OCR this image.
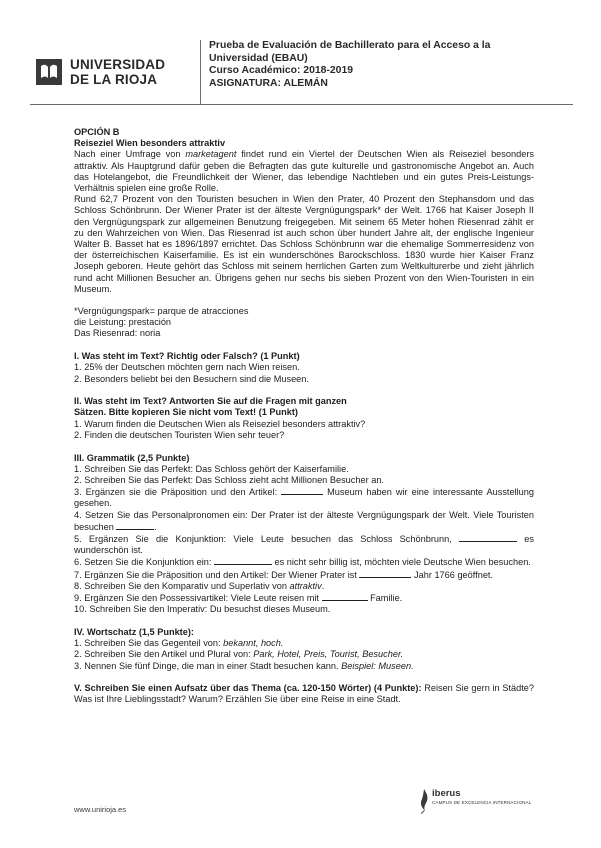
UNIVERSIDAD
DE LA RIOJA
Prueba de Evaluación de Bachillerato para el Acceso a la
Universidad (EBAU)
Curso Académico: 2018-2019
ASIGNATURA: ALEMÁN

OPCIÓN B

Reiseziel Wien besonders attraktiv

Nach einer Umfrage von marketagent findet rund ein Viertel der Deutschen Wien als Reiseziel besonders attraktiv. Als Hauptgrund dafür geben die Befragten das gute kulturelle und gastronomische Angebot an. Auch das Hotelangebot, die Freundlichkeit der Wiener, das lebendige Nachtleben und ein gutes Preis-Leistungs-Verhältnis spielen eine große Rolle.

Rund 62,7 Prozent von den Touristen besuchen in Wien den Prater, 40 Prozent den Stephansdom und das Schloss Schönbrunn. Der Wiener Prater ist der älteste Vergnügungspark* der Welt. 1766 hat Kaiser Joseph II den Vergnügungspark zur allgemeinen Benutzung freigegeben. Mit seinem 65 Meter hohen Riesenrad zählt er zu den Wahrzeichen von Wien. Das Riesenrad ist auch schon über hundert Jahre alt, der englische Ingenieur Walter B. Basset hat es 1896/1897 errichtet. Das Schloss Schönbrunn war die ehemalige Sommerresidenz von der österreichischen Kaiserfamilie. Es ist ein wunderschönes Barockschloss. 1830 wurde hier Kaiser Franz Joseph geboren. Heute gehört das Schloss mit seinem herrlichen Garten zum Weltkulturerbe und zieht jährlich rund acht Millionen Besucher an. Übrigens gehen nur sechs bis sieben Prozent von den Wien-Touristen in ein Museum.

*Vergnügungspark= parque de atracciones

die Leistung: prestación

Das Riesenrad: noria

I. Was steht im Text? Richtig oder Falsch? (1 Punkt)

1. 25% der Deutschen möchten gern nach Wien reisen.

2. Besonders beliebt bei den Besuchern sind die Museen.

II. Was steht im Text? Antworten Sie auf die Fragen mit ganzen

Sätzen. Bitte kopieren Sie nicht vom Text! (1 Punkt)

1. Warum finden die Deutschen Wien als Reiseziel besonders attraktiv?

2. Finden die deutschen Touristen Wien sehr teuer?

III. Grammatik (2,5 Punkte)

1. Schreiben Sie das Perfekt: Das Schloss gehört der Kaiserfamilie.

2. Schreiben Sie das Perfekt: Das Schloss zieht acht Millionen Besucher an.

3. Ergänzen sie die Präposition und den Artikel:	Museum haben wir eine interessante Ausstellung gesehen.

4. Setzen Sie das Personalpronomen ein: Der Prater ist der älteste Vergnügungspark der Welt. Viele Touristen besuchen	.

5. Ergänzen Sie die Konjunktion: Viele Leute besuchen das Schloss Schönbrunn,	es wunderschön ist.

6. Setzen Sie die Konjunktion ein:	es nicht sehr billig ist, möchten viele Deutsche Wien besuchen.

7. Ergänzen Sie die Präposition und den Artikel: Der Wiener Prater ist	Jahr 1766 geöffnet.

8. Schreiben Sie den Komparativ und Superlativ von attraktiv.

9. Ergänzen Sie den Possessivartikel: Viele Leute reisen mit	Familie.

10. Schreiben Sie den Imperativ: Du besuchst dieses Museum.

IV. Wortschatz (1,5 Punkte):

1. Schreiben Sie das Gegenteil von: bekannt, hoch.

2. Schreiben Sie den Artikel und Plural von: Park, Hotel, Preis, Tourist, Besucher.

3. Nennen Sie fünf Dinge, die man in einer Stadt besuchen kann. Beispiel: Museen.

V. Schreiben Sie einen Aufsatz über das Thema (ca. 120-150 Wörter) (4 Punkte): Reisen Sie gern in Städte? Was ist Ihre Lieblingsstadt? Warum? Erzählen Sie über eine Reise in eine Stadt.

www.unirioja.es
iberus
CAMPUS DE EXCELENCIA INTERNACIONAL
